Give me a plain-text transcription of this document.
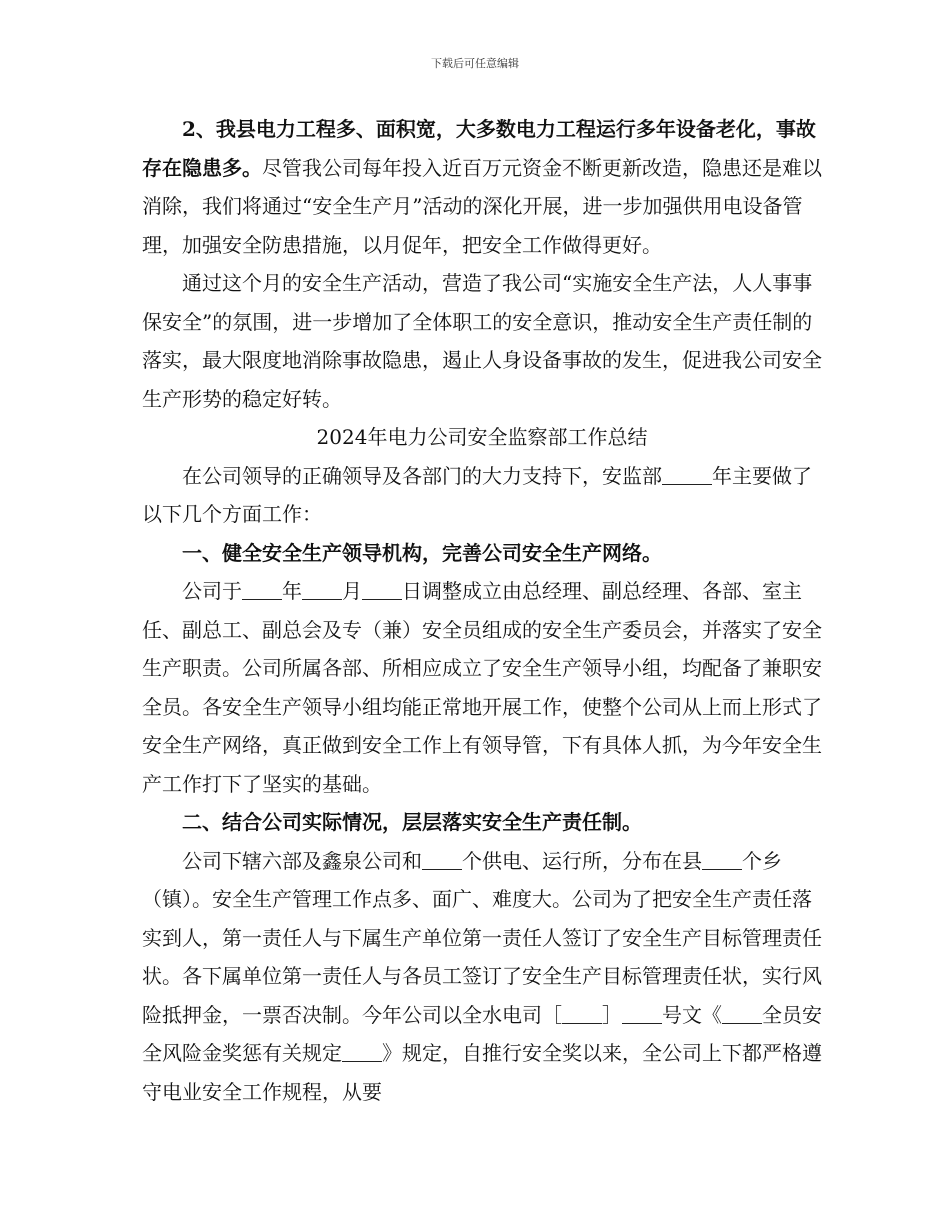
下载后可任意编辑

2、我县电力工程多、面积宽，大多数电力工程运行多年设备老化，事故存在隐患多。尽管我公司每年投入近百万元资金不断更新改造，隐患还是难以消除，我们将通过“安全生产月”活动的深化开展，进一步加强供用电设备管理，加强安全防患措施，以月促年，把安全工作做得更好。

通过这个月的安全生产活动，营造了我公司“实施安全生产法，人人事事保安全”的氛围，进一步增加了全体职工的安全意识，推动安全生产责任制的落实，最大限度地消除事故隐患，遏止人身设备事故的发生，促进我公司安全生产形势的稳定好转。

2024年电力公司安全监察部工作总结

在公司领导的正确领导及各部门的大力支持下，安监部	年主要做了以下几个方面工作：

一、健全安全生产领导机构，完善公司安全生产网络。

公司于 年 月 日调整成立由总经理、副总经理、各部、室主任、副总工、副总会及专（兼）安全员组成的安全生产委员会，并落实了安全生产职责。公司所属各部、所相应成立了安全生产领导小组，均配备了兼职安全员。各安全生产领导小组均能正常地开展工作，使整个公司从上而上形式了安全生产网络，真正做到安全工作上有领导管，下有具体人抓，为今年安全生产工作打下了坚实的基础。

二、结合公司实际情况，层层落实安全生产责任制。

公司下辖六部及鑫泉公司和 个供电、运行所，分布在县 个乡（镇）。安全生产管理工作点多、面广、难度大。公司为了把安全生产责任落实到人，第一责任人与下属生产单位第一责任人签订了安全生产目标管理责任状。各下属单位第一责任人与各员工签订了安全生产目标管理责任状，实行风险抵押金，一票否决制。今年公司以全水电司［ ］ 号文《 全员安全风险金奖惩有关规定 》规定，自推行安全奖以来，全公司上下都严格遵守电业安全工作规程，从要
